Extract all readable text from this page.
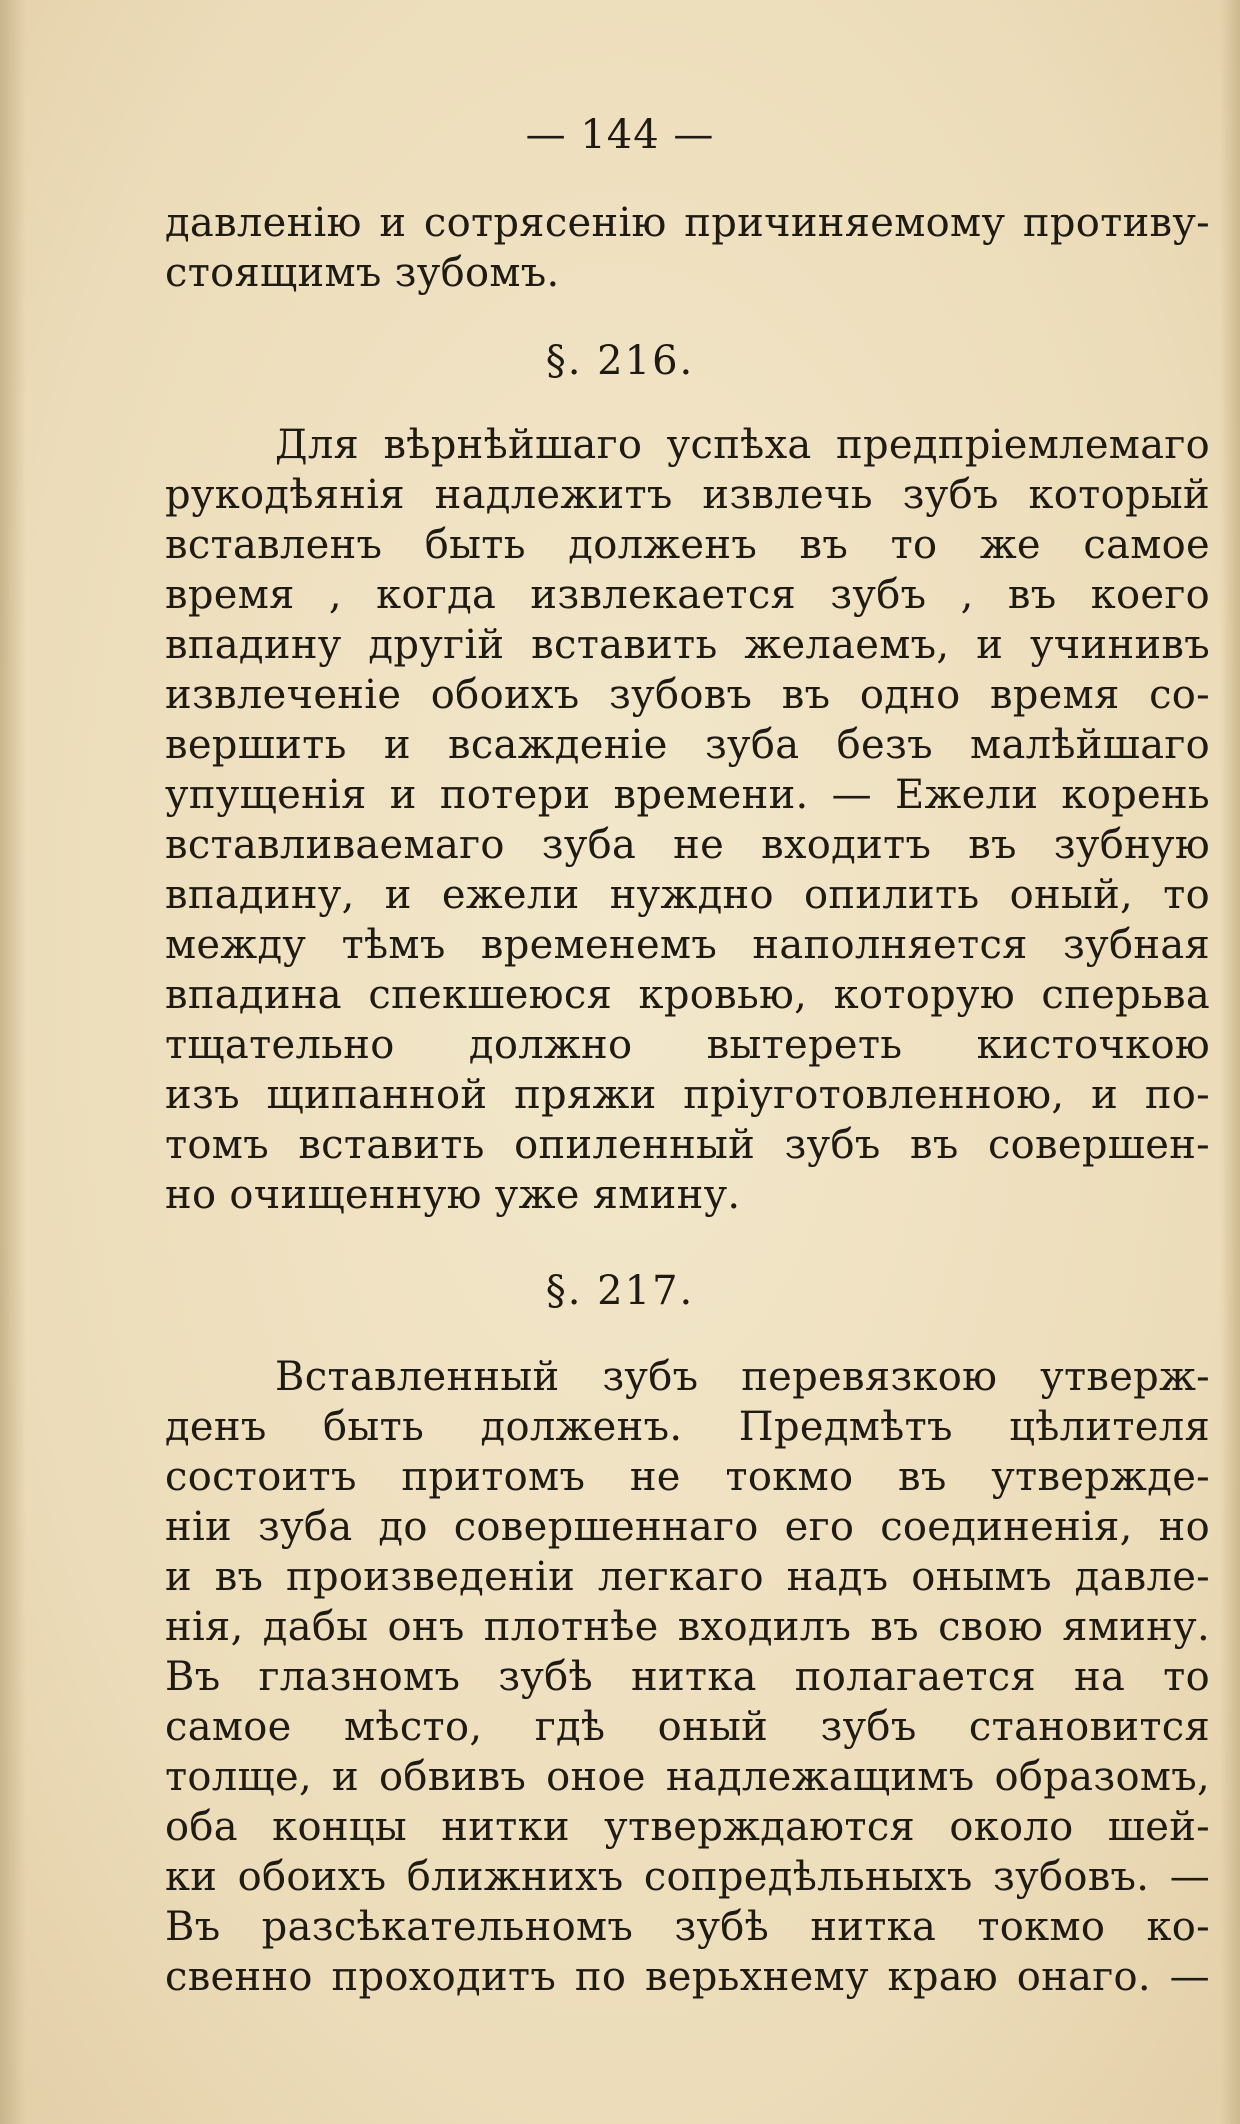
— 144 —
давленію и сотрясенію причиняемому противу-
стоящимъ зубомъ.
§. 216.
Для вѣрнѣйшаго успѣха предпріемлемаго
рукодѣянія надлежитъ извлечь зубъ который
вставленъ быть долженъ въ то же самое
время , когда извлекается зубъ , въ коего
впадину другій вставить желаемъ, и учинивъ
извлеченіе обоихъ зубовъ въ одно время со-
вершить и всажденіе зуба безъ малѣйшаго
упущенія и потери времени. — Ежели корень
вставливаемаго зуба не входитъ въ зубную
впадину, и ежели нуждно опилить оный, то
между тѣмъ временемъ наполняется зубная
впадина спекшеюся кровью, которую сперьва
тщательно должно вытереть кисточкою
изъ щипанной пряжи пріуготовленною, и по-
томъ вставить опиленный зубъ въ совершен-
но очищенную уже ямину.
§. 217.
Вставленный зубъ перевязкою утверж-
денъ быть долженъ. Предмѣтъ цѣлителя
состоитъ притомъ не токмо въ утвержде-
ніи зуба до совершеннаго его соединенія, но
и въ произведеніи легкаго надъ онымъ давле-
нія, дабы онъ плотнѣе входилъ въ свою ямину.
Въ глазномъ зубѣ нитка полагается на то
самое мѣсто, гдѣ оный зубъ становится
толще, и обвивъ оное надлежащимъ образомъ,
оба концы нитки утверждаются около шей-
ки обоихъ ближнихъ сопредѣльныхъ зубовъ. —
Въ разсѣкательномъ зубѣ нитка токмо ко-
свенно проходитъ по верьхнему краю онаго. —
